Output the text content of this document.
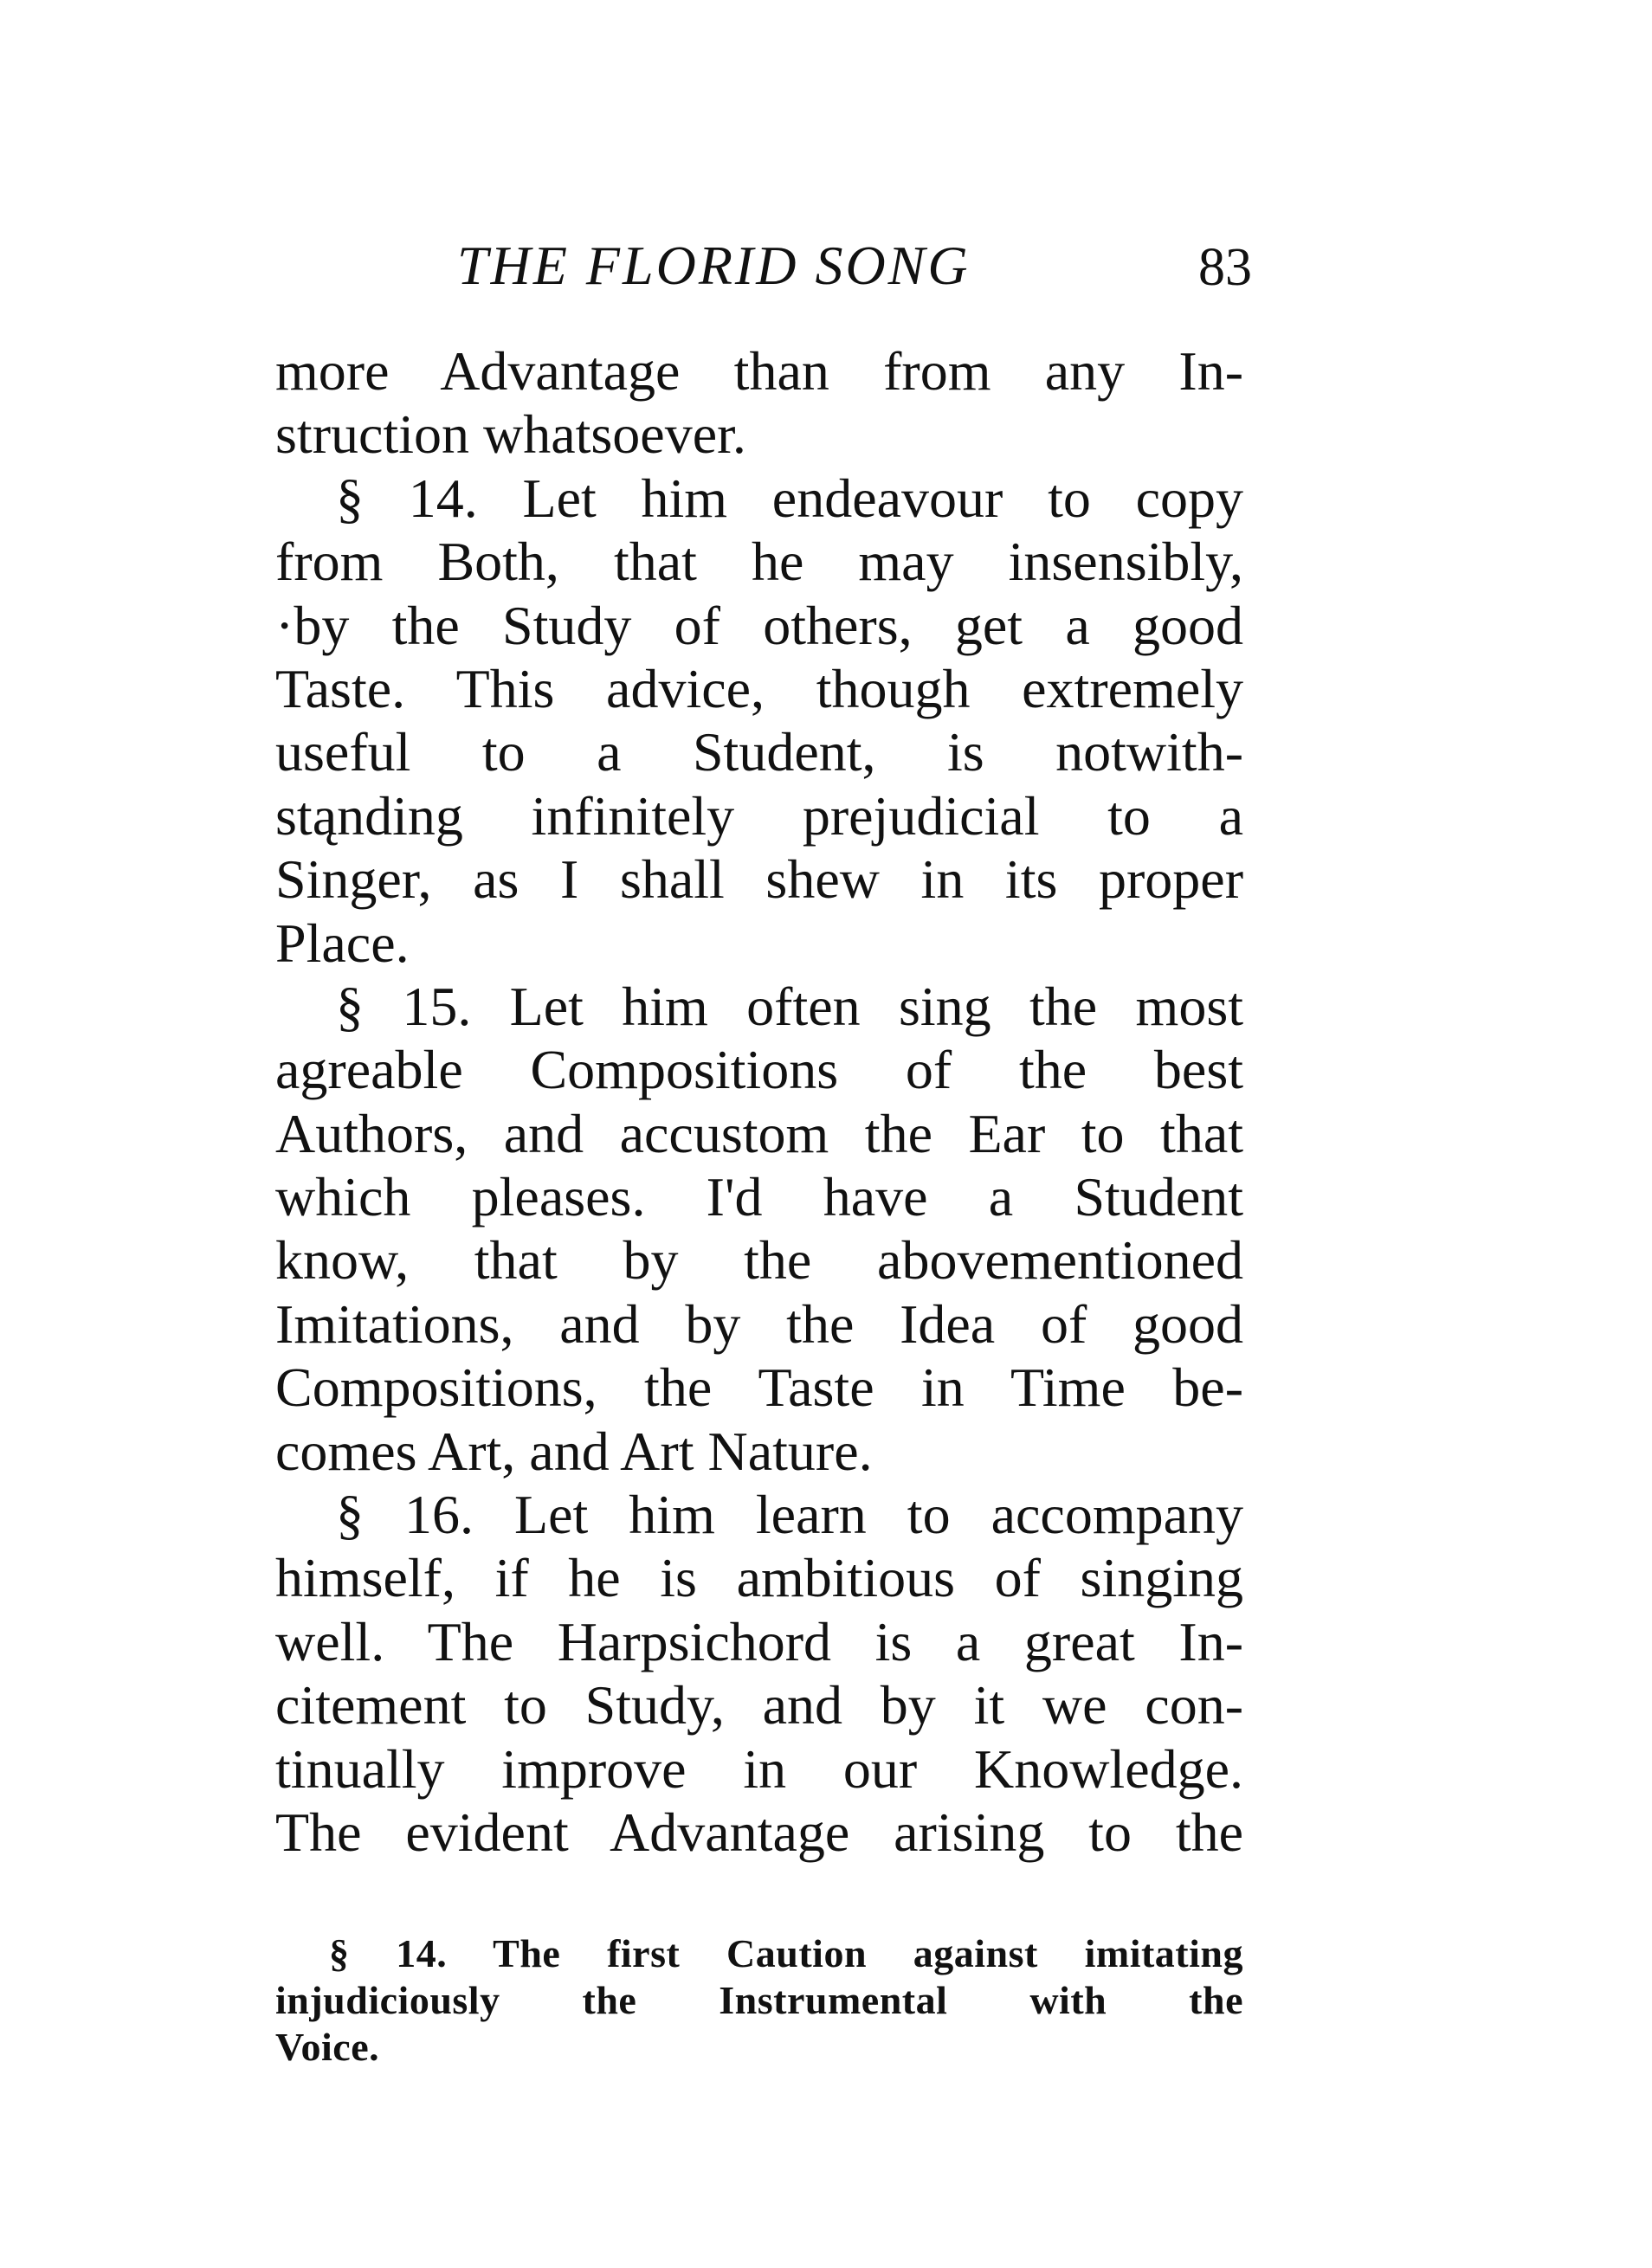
THE FLORID SONG	83
more Advantage than from any In-
struction whatsoever.
§ 14. Let him endeavour to copy
from Both, that he may insensibly,
·by the Study of others, get a good
Taste. This advice, though extremely
useful to a Student, is notwith-
stąnding infinitely prejudicial to a
Singer, as I shall shew in its proper
Place.
§ 15. Let him often sing the most
agreable Compositions of the best
Authors, and accustom the Ear to that
which pleases. I'd have a Student
know, that by the abovementioned
Imitations, and by the Idea of good
Compositions, the Taste in Time be-
comes Art, and Art Nature.
§ 16. Let him learn to accompany
himself, if he is ambitious of singing
well. The Harpsichord is a great In-
citement to Study, and by it we con-
tinually improve in our Knowledge.
The evident Advantage arising to the
§ 14. The first Caution against imitating
injudiciously the Instrumental with the
Voice.
